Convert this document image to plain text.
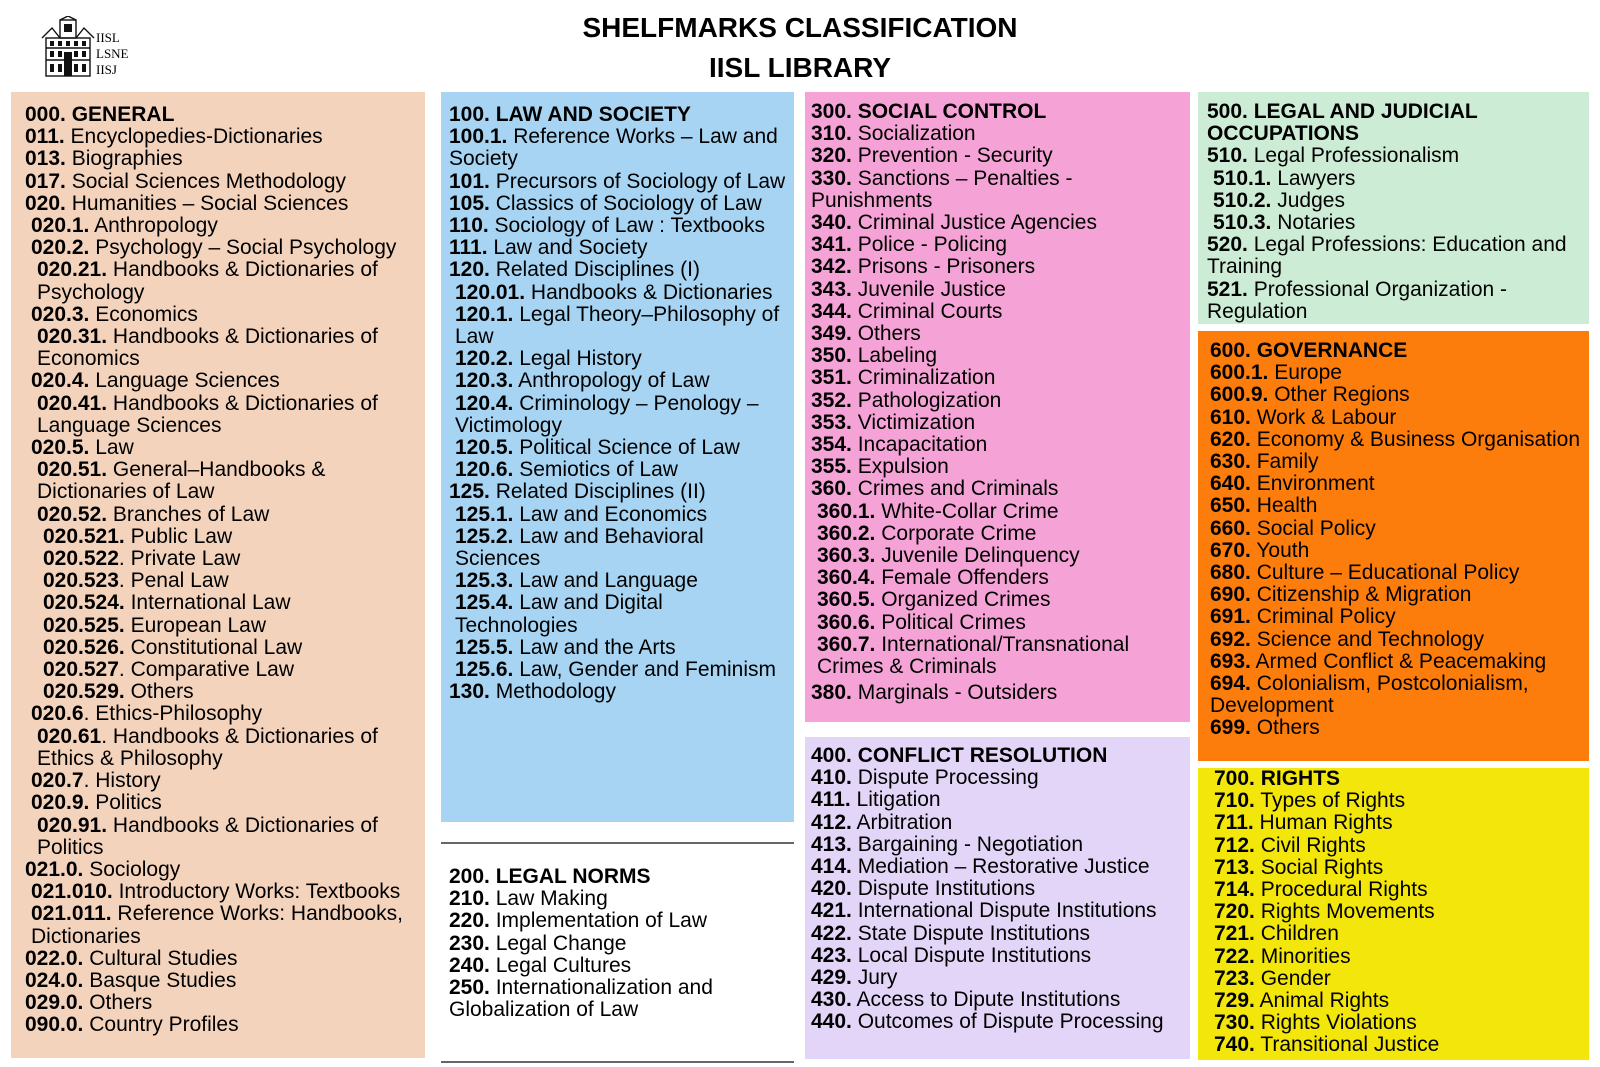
IISL
LSNE
IISJ
SHELFMARKS CLASSIFICATION
IISL LIBRARY
000. GENERAL
011. Encyclopedies-Dictionaries
013. Biographies
017. Social Sciences Methodology
020. Humanities – Social Sciences
020.1. Anthropology
020.2. Psychology – Social Psychology
020.21. Handbooks & Dictionaries of Psychology
020.3. Economics
020.31. Handbooks & Dictionaries of Economics
020.4. Language Sciences
020.41. Handbooks & Dictionaries of Language Sciences
020.5. Law
020.51. General–Handbooks & Dictionaries of Law
020.52. Branches of Law
020.521. Public Law
020.522. Private Law
020.523. Penal Law
020.524. International Law
020.525. European Law
020.526. Constitutional Law
020.527. Comparative Law
020.529. Others
020.6. Ethics-Philosophy
020.61. Handbooks & Dictionaries of Ethics & Philosophy
020.7. History
020.9. Politics
020.91. Handbooks & Dictionaries of Politics
021.0. Sociology
021.010. Introductory Works: Textbooks
021.011. Reference Works: Handbooks, Dictionaries
022.0. Cultural Studies
024.0. Basque Studies
029.0. Others
090.0. Country Profiles
100. LAW AND SOCIETY
100.1. Reference Works – Law and Society
101. Precursors of Sociology of Law
105. Classics of Sociology of Law
110. Sociology of Law : Textbooks
111. Law and Society
120. Related Disciplines (I)
120.01. Handbooks & Dictionaries
120.1. Legal Theory–Philosophy of Law
120.2. Legal History
120.3. Anthropology of Law
120.4. Criminology – Penology – Victimology
120.5. Political Science of Law
120.6. Semiotics of Law
125. Related Disciplines (II)
125.1. Law and Economics
125.2. Law and Behavioral Sciences
125.3. Law and Language
125.4. Law and Digital Technologies
125.5. Law and the Arts
125.6. Law, Gender and Feminism
130. Methodology
200. LEGAL NORMS
210. Law Making
220. Implementation of Law
230. Legal Change
240. Legal Cultures
250. Internationalization and Globalization of Law
300. SOCIAL CONTROL
310. Socialization
320. Prevention - Security
330. Sanctions – Penalties - Punishments
340. Criminal Justice Agencies
341. Police - Policing
342. Prisons - Prisoners
343. Juvenile Justice
344. Criminal Courts
349. Others
350. Labeling
351. Criminalization
352. Pathologization
353. Victimization
354. Incapacitation
355. Expulsion
360. Crimes and Criminals
360.1. White-Collar Crime
360.2. Corporate Crime
360.3. Juvenile Delinquency
360.4. Female Offenders
360.5. Organized Crimes
360.6. Political Crimes
360.7. International/Transnational Crimes & Criminals
380. Marginals - Outsiders
400. CONFLICT RESOLUTION
410. Dispute Processing
411. Litigation
412. Arbitration
413. Bargaining - Negotiation
414. Mediation – Restorative Justice
420. Dispute Institutions
421. International Dispute Institutions
422. State Dispute Institutions
423. Local Dispute Institutions
429. Jury
430. Access to Dipute Institutions
440. Outcomes of Dispute Processing
500. LEGAL AND JUDICIAL OCCUPATIONS
510. Legal Professionalism
510.1. Lawyers
510.2. Judges
510.3. Notaries
520. Legal Professions: Education and Training
521. Professional Organization - Regulation
600. GOVERNANCE
600.1. Europe
600.9. Other Regions
610. Work & Labour
620. Economy & Business Organisation
630. Family
640. Environment
650. Health
660. Social Policy
670. Youth
680. Culture – Educational Policy
690. Citizenship & Migration
691. Criminal Policy
692. Science and Technology
693. Armed Conflict & Peacemaking
694. Colonialism, Postcolonialism, Development
699. Others
700. RIGHTS
710. Types of Rights
711. Human Rights
712. Civil Rights
713. Social Rights
714. Procedural Rights
720. Rights Movements
721. Children
722. Minorities
723. Gender
729. Animal Rights
730. Rights Violations
740. Transitional Justice
